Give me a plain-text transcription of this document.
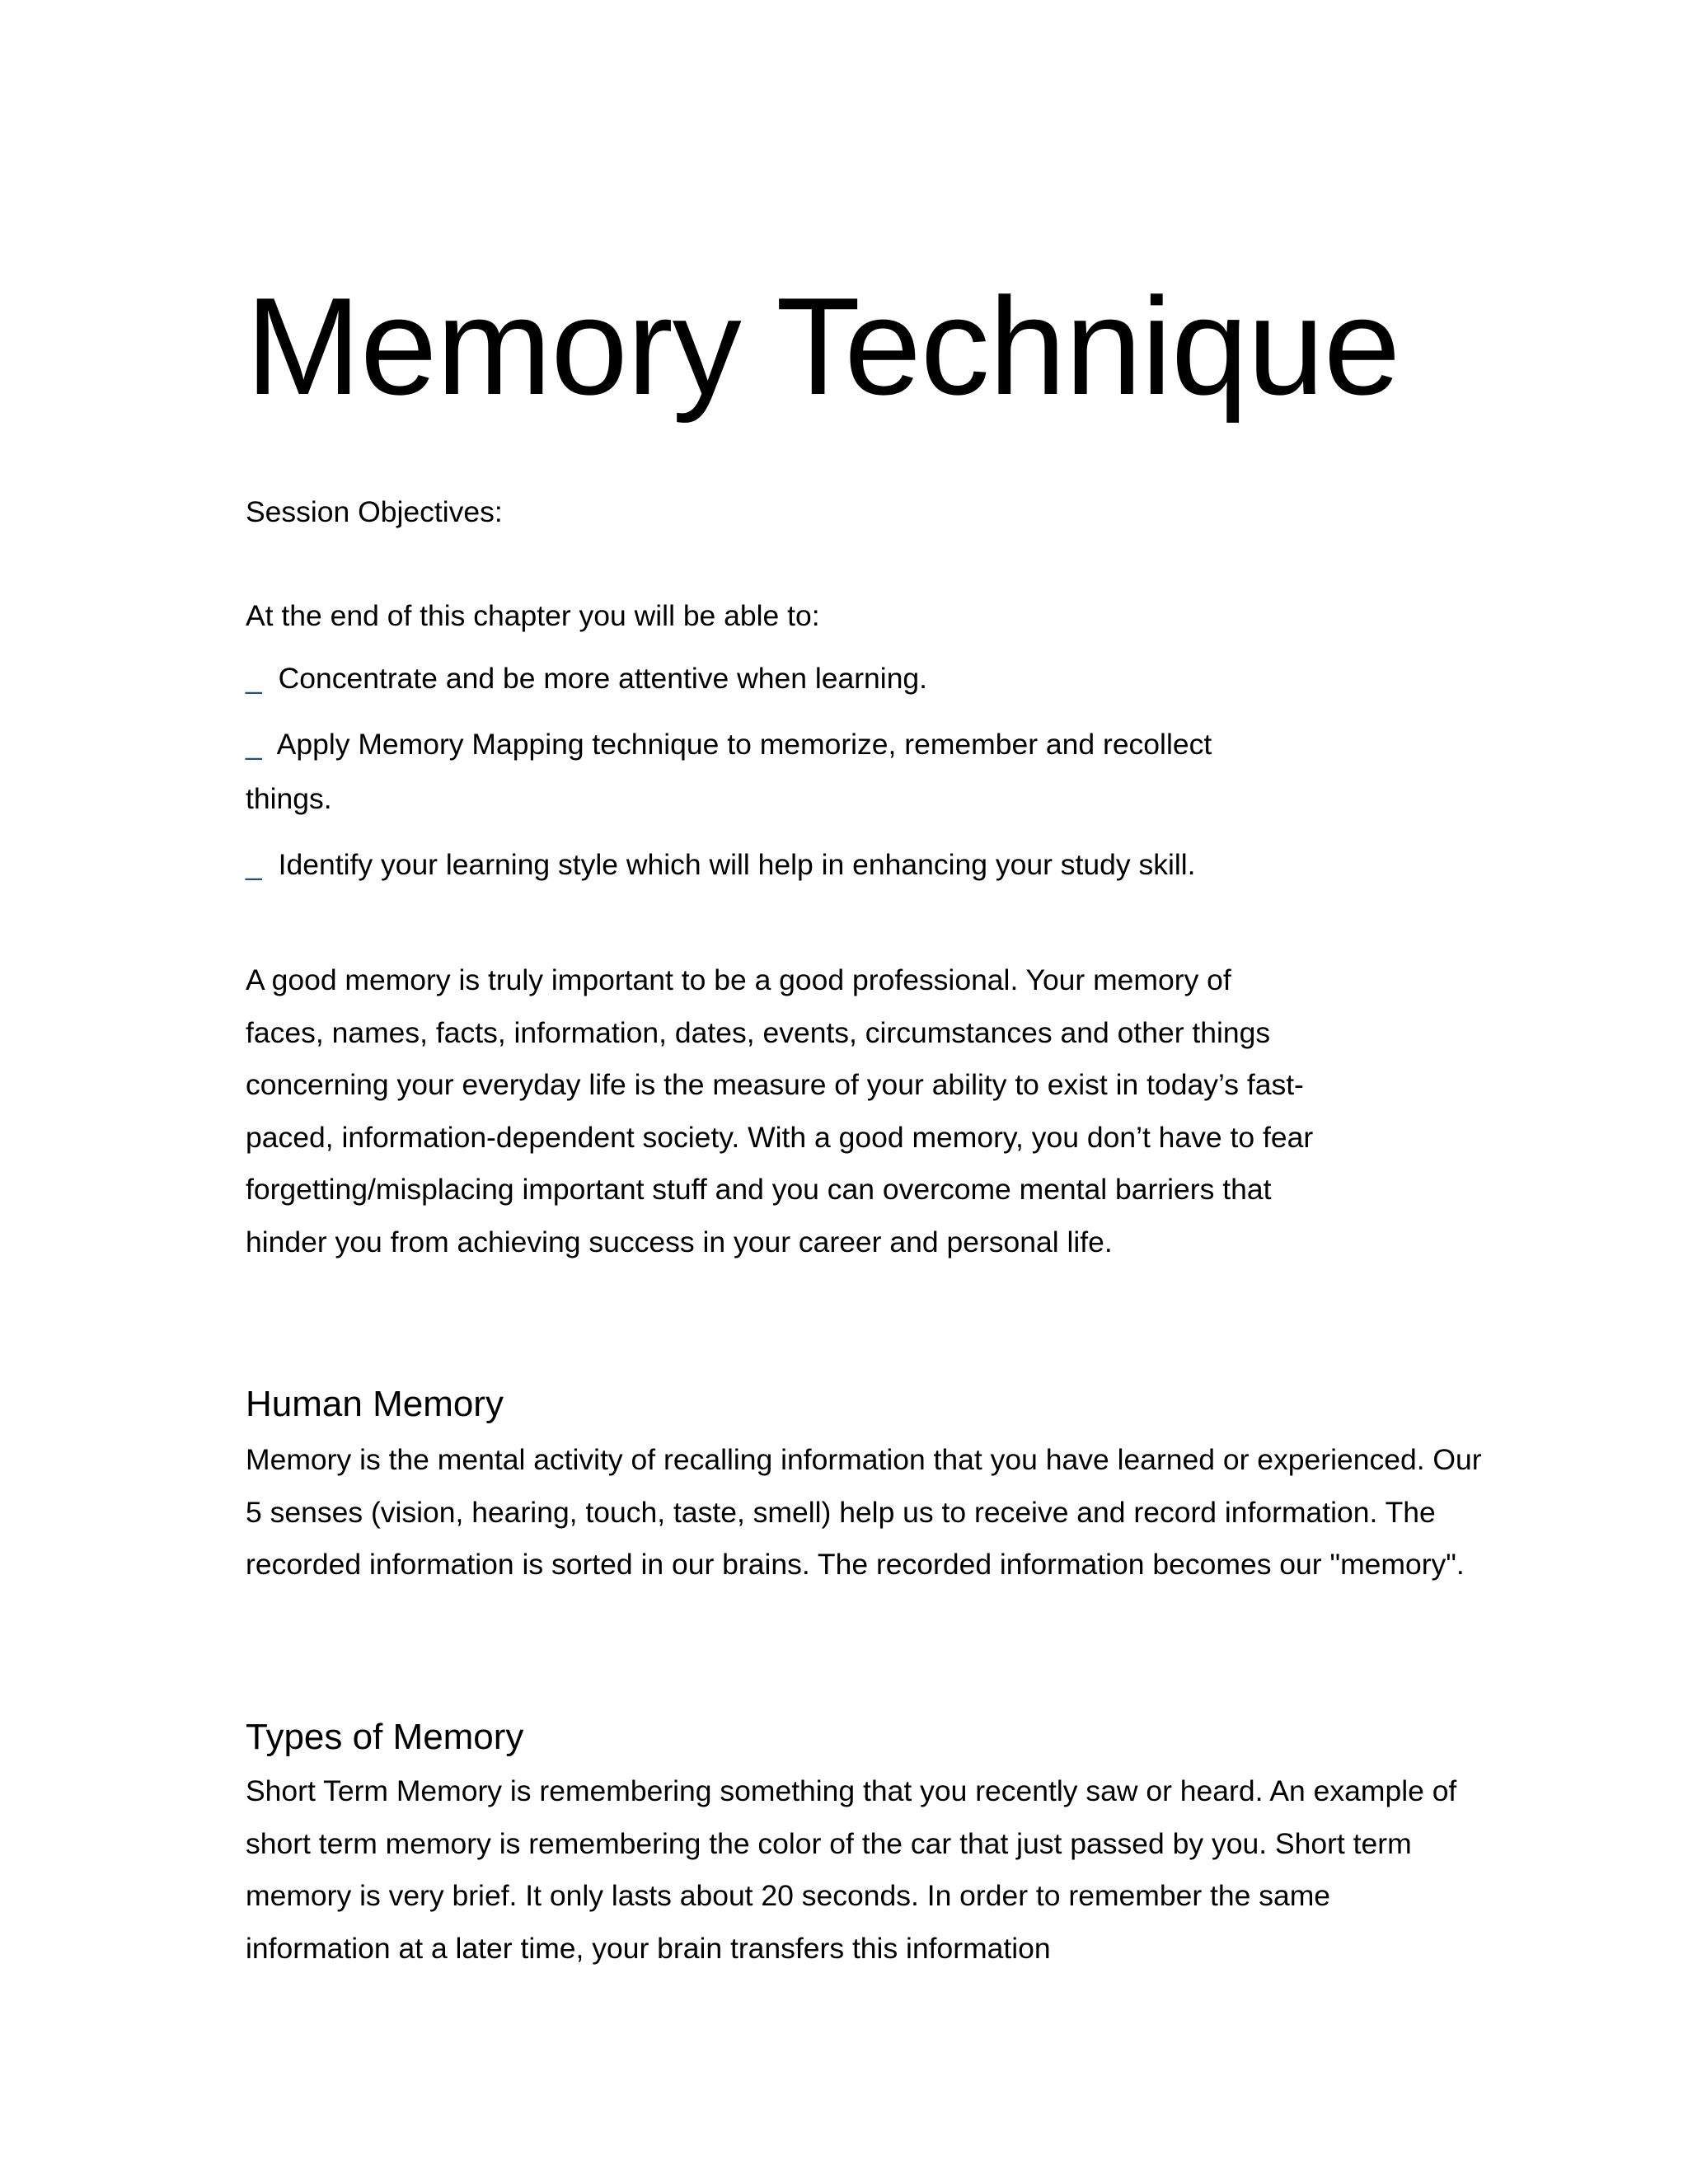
Memory Technique

Session Objectives:

At the end of this chapter you will be able to:

_ Concentrate and be more attentive when learning.
_ Apply Memory Mapping technique to memorize, remember and recollect things.
_ Identify your learning style which will help in enhancing your study skill.

A good memory is truly important to be a good professional. Your memory of faces, names, facts, information, dates, events, circumstances and other things concerning your everyday life is the measure of your ability to exist in today’s fast-paced, information-dependent society. With a good memory, you don’t have to fear forgetting/misplacing important stuff and you can overcome mental barriers that hinder you from achieving success in your career and personal life.

Human Memory

Memory is the mental activity of recalling information that you have learned or experienced. Our 5 senses (vision, hearing, touch, taste, smell) help us to receive and record information. The recorded information is sorted in our brains. The recorded information becomes our "memory".

Types of Memory

Short Term Memory is remembering something that you recently saw or heard. An example of short term memory is remembering the color of the car that just passed by you. Short term memory is very brief. It only lasts about 20 seconds. In order to remember the same information at a later time, your brain transfers this information
